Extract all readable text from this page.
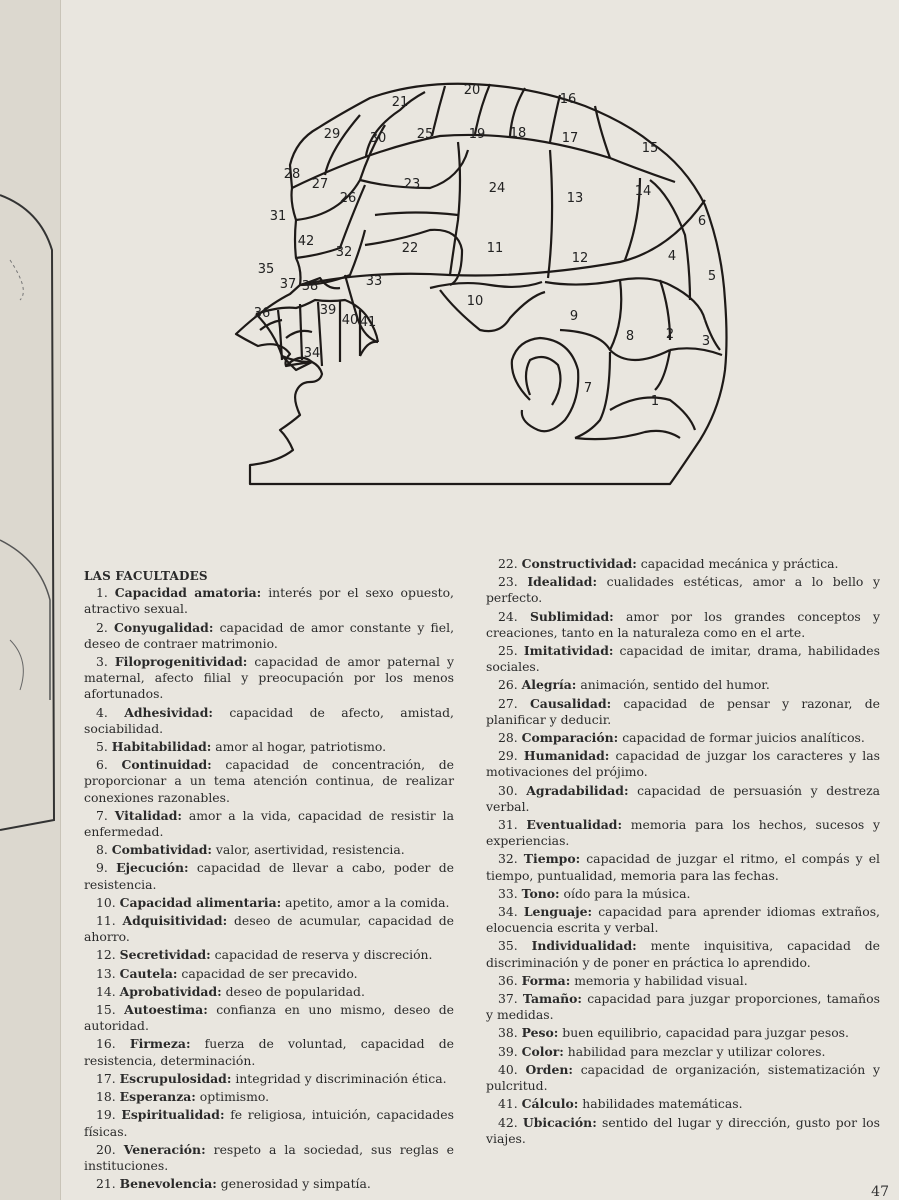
1
2 3
4
5
6
7
8
9
10
11
12
13	14
15
16
17
18
19
20
21
22
23	24
25
26
27
28
29 30
31
32
33
34
35
36
37 38
39
40 41
42
LAS FACULTADES
1. Capacidad amatoria: interés por el sexo opuesto, atractivo sexual.
2. Conyugalidad: capacidad de amor constante y fiel, deseo de contraer matrimonio.
3. Filoprogenitividad: capacidad de amor paternal y maternal, afecto filial y preocupación por los menos afortunados.
4. Adhesividad: capacidad de afecto, amistad, sociabilidad.
5. Habitabilidad: amor al hogar, patriotismo.
6. Continuidad: capacidad de concentración, de proporcionar a un tema atención continua, de realizar conexiones razonables.
7. Vitalidad: amor a la vida, capacidad de resistir la enfermedad.
8. Combatividad: valor, asertividad, resistencia.
9. Ejecución: capacidad de llevar a cabo, poder de resistencia.
10. Capacidad alimentaria: apetito, amor a la comida.
11. Adquisitividad: deseo de acumular, capacidad de ahorro.
12. Secretividad: capacidad de reserva y discreción.
13. Cautela: capacidad de ser precavido.
14. Aprobatividad: deseo de popularidad.
15. Autoestima: confianza en uno mismo, deseo de autoridad.
16. Firmeza: fuerza de voluntad, capacidad de resistencia, determinación.
17. Escrupulosidad: integridad y discriminación ética.
18. Esperanza: optimismo.
19. Espiritualidad: fe religiosa, intuición, capacidades físicas.
20. Veneración: respeto a la sociedad, sus reglas e instituciones.
21. Benevolencia: generosidad y simpatía.
22. Constructividad: capacidad mecánica y práctica.
23. Idealidad: cualidades estéticas, amor a lo bello y perfecto.
24. Sublimidad: amor por los grandes conceptos y creaciones, tanto en la naturaleza como en el arte.
25. Imitatividad: capacidad de imitar, drama, habilidades sociales.
26. Alegría: animación, sentido del humor.
27. Causalidad: capacidad de pensar y razonar, de planificar y deducir.
28. Comparación: capacidad de formar juicios analíticos.
29. Humanidad: capacidad de juzgar los caracteres y las motivaciones del prójimo.
30. Agradabilidad: capacidad de persuasión y destreza verbal.
31. Eventualidad: memoria para los hechos, sucesos y experiencias.
32. Tiempo: capacidad de juzgar el ritmo, el compás y el tiempo, puntualidad, memoria para las fechas.
33. Tono: oído para la música.
34. Lenguaje: capacidad para aprender idiomas extraños, elocuencia escrita y verbal.
35. Individualidad: mente inquisitiva, capacidad de discriminación y de poner en práctica lo aprendido.
36. Forma: memoria y habilidad visual.
37. Tamaño: capacidad para juzgar proporciones, tamaños y medidas.
38. Peso: buen equilibrio, capacidad para juzgar pesos.
39. Color: habilidad para mezclar y utilizar colores.
40. Orden: capacidad de organización, sistematización y pulcritud.
41. Cálculo: habilidades matemáticas.
42. Ubicación: sentido del lugar y dirección, gusto por los viajes.
47
